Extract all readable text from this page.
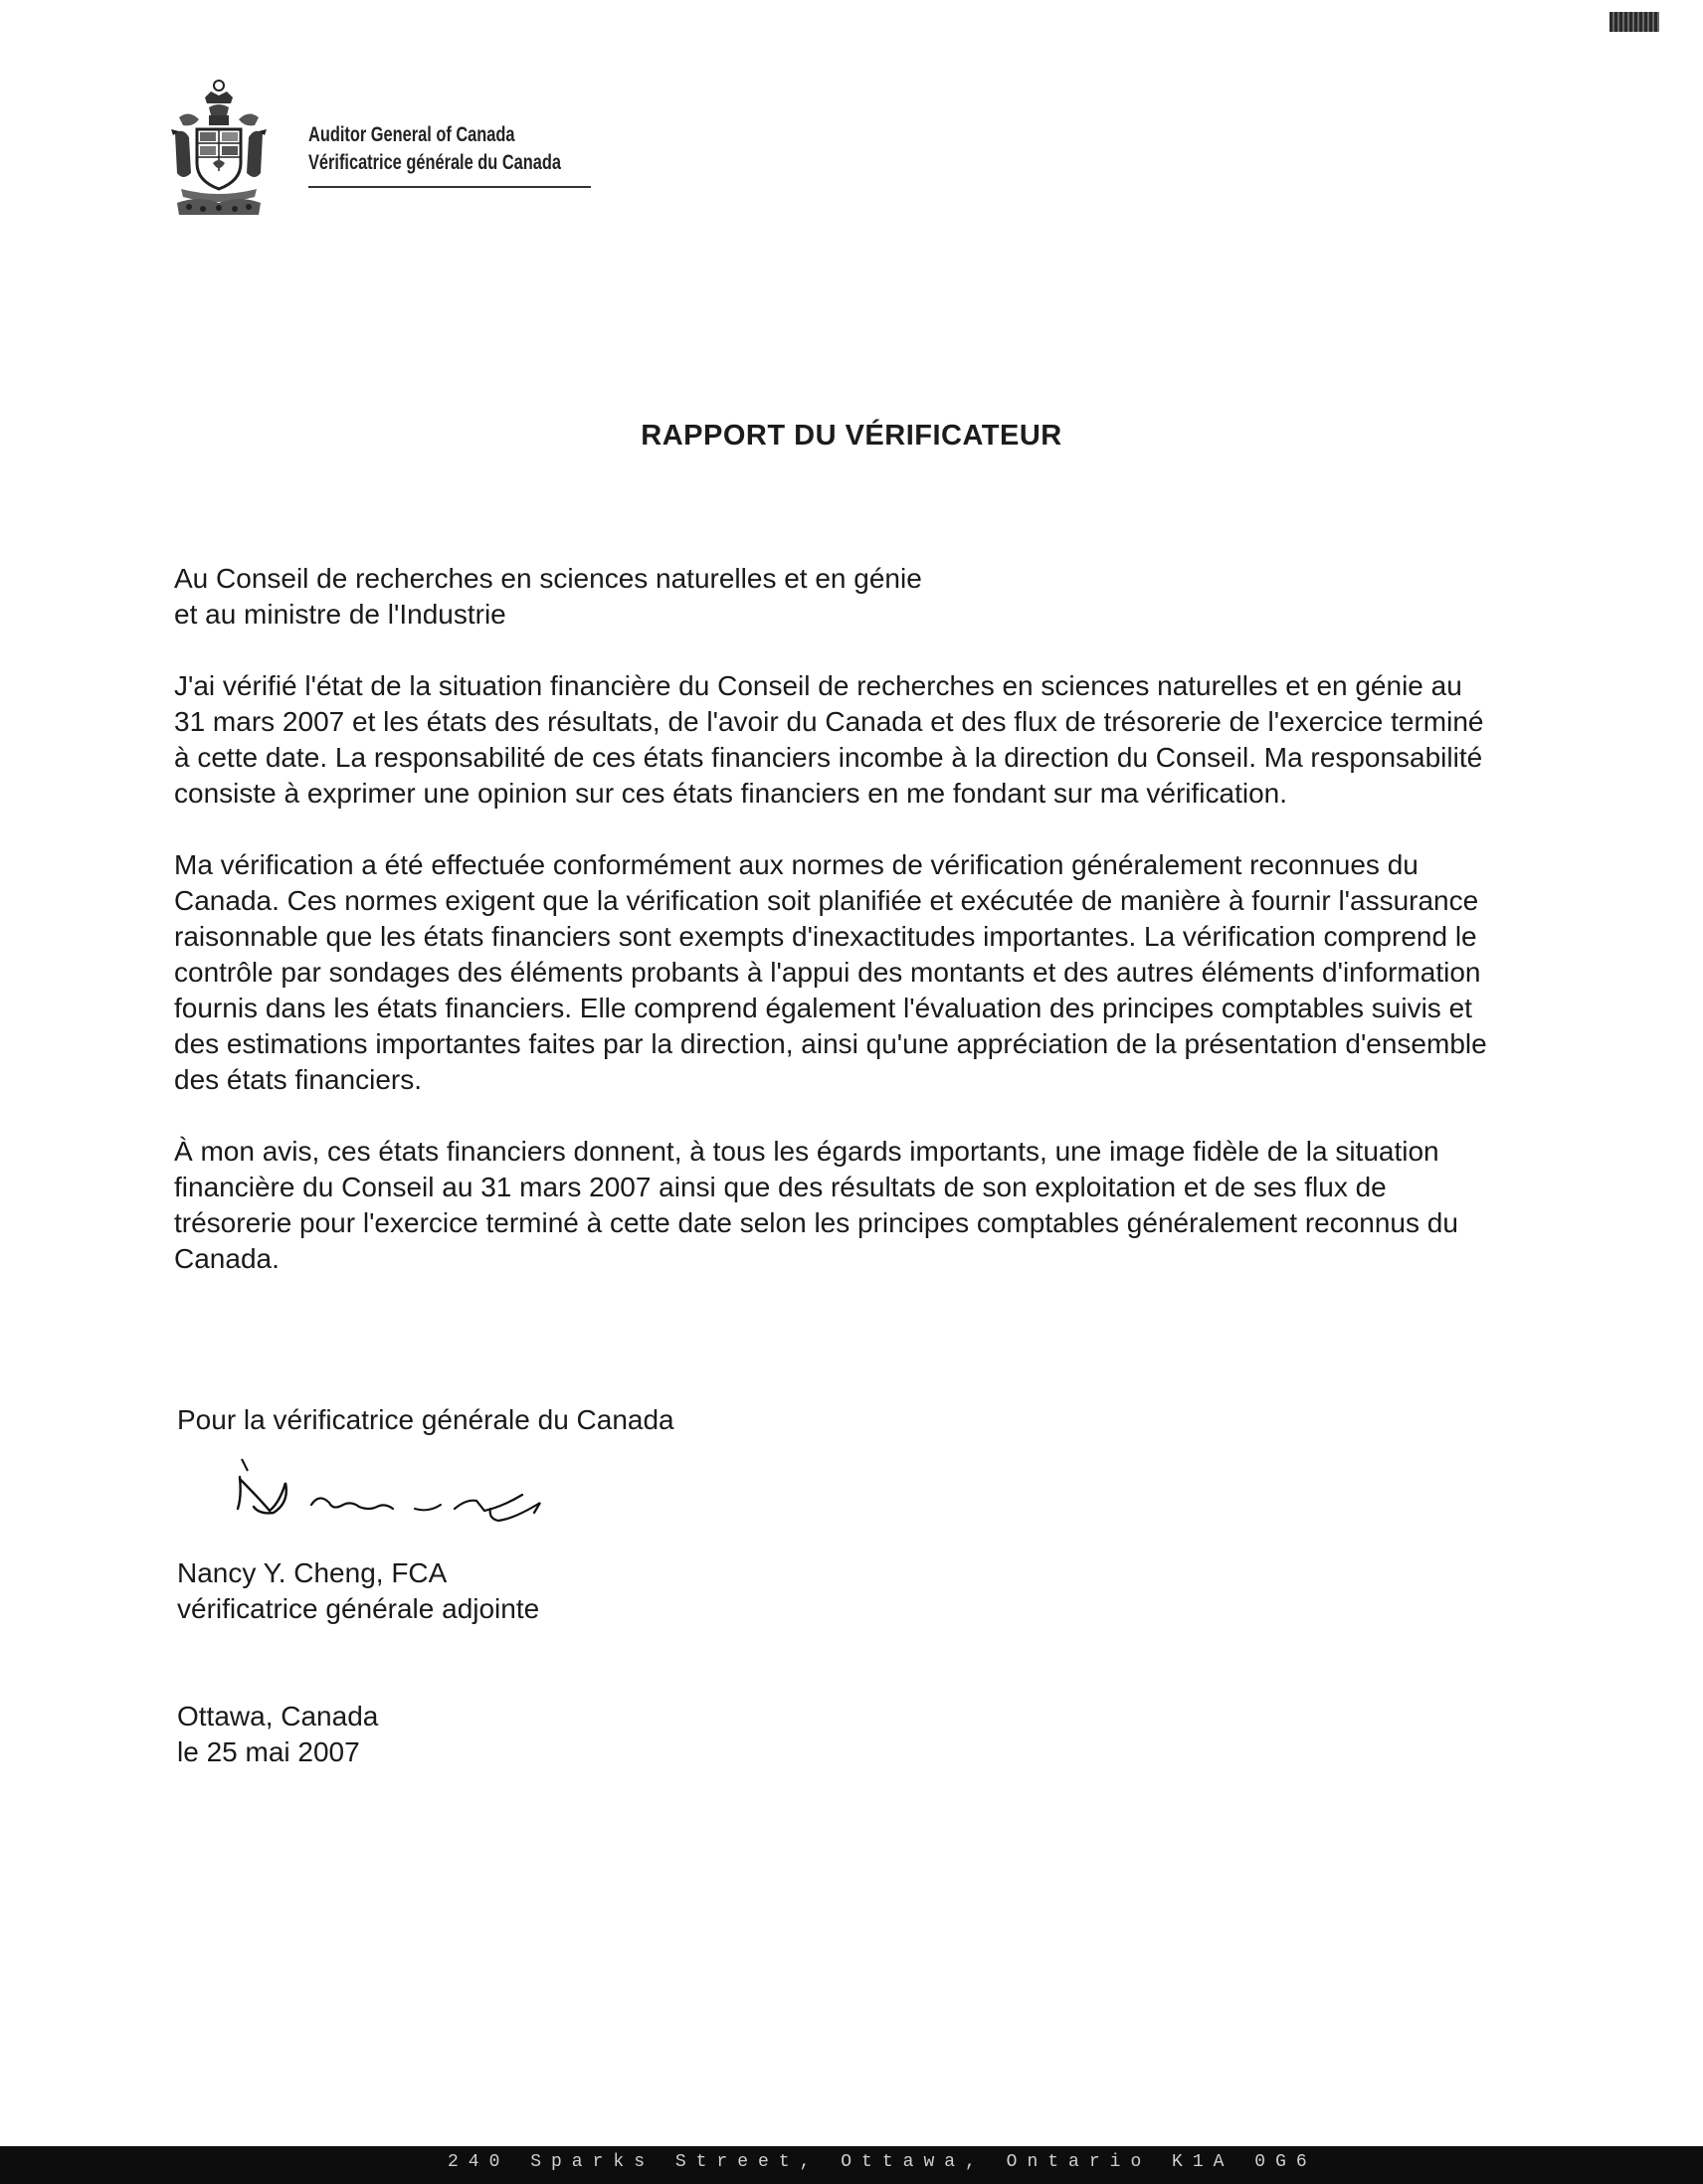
Auditor General of Canada
Vérificatrice générale du Canada
RAPPORT DU VÉRIFICATEUR

Au Conseil de recherches en sciences naturelles et en génie

et au ministre de l'Industrie

J'ai vérifié l'état de la situation financière du Conseil de recherches en sciences naturelles et en génie au 31 mars 2007 et les états des résultats, de l'avoir du Canada et des flux de trésorerie de l'exercice terminé à cette date. La responsabilité de ces états financiers incombe à la direction du Conseil. Ma responsabilité consiste à exprimer une opinion sur ces états financiers en me fondant sur ma vérification.

Ma vérification a été effectuée conformément aux normes de vérification généralement reconnues du Canada. Ces normes exigent que la vérification soit planifiée et exécutée de manière à fournir l'assurance raisonnable que les états financiers sont exempts d'inexactitudes importantes. La vérification comprend le contrôle par sondages des éléments probants à l'appui des montants et des autres éléments d'information fournis dans les états financiers. Elle comprend également l'évaluation des principes comptables suivis et des estimations importantes faites par la direction, ainsi qu'une appréciation de la présentation d'ensemble des états financiers.

À mon avis, ces états financiers donnent, à tous les égards importants, une image fidèle de la situation financière du Conseil au 31 mars 2007 ainsi que des résultats de son exploitation et de ses flux de trésorerie pour l'exercice terminé à cette date selon les principes comptables généralement reconnus du Canada.

Pour la vérificatrice générale du Canada
Nancy Y. Cheng, FCA
vérificatrice générale adjointe
Ottawa, Canada
le 25 mai 2007
240 Sparks Street, Ottawa, Ontario K1A 0G6
